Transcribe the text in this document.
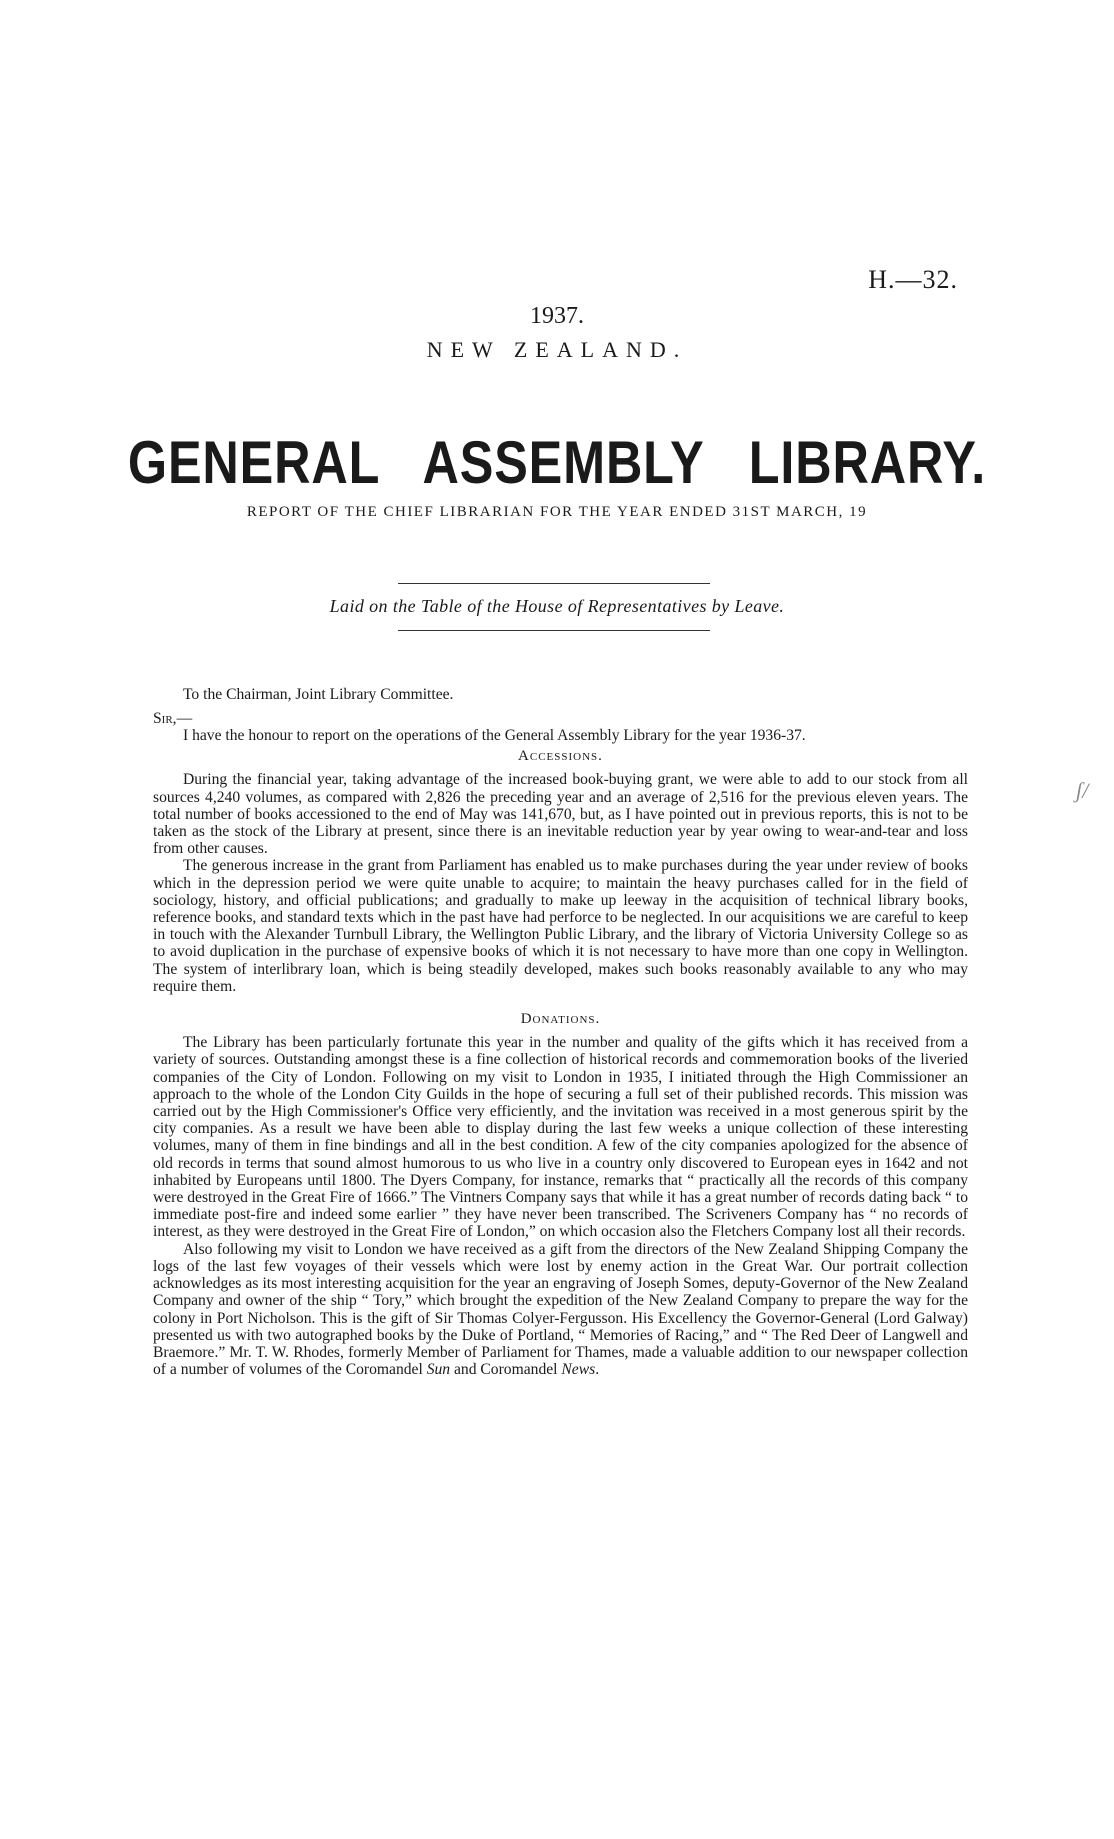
H.—32.
1937.
NEW ZEALAND.
GENERAL ASSEMBLY LIBRARY.
REPORT OF THE CHIEF LIBRARIAN FOR THE YEAR ENDED 31ST MARCH, 19
Laid on the Table of the House of Representatives by Leave.
To the Chairman, Joint Library Committee.
Sir,—
ʃ/

I have the honour to report on the operations of the General Assembly Library for the year 1936-37.

Accessions.

During the financial year, taking advantage of the increased book-buying grant, we were able to add to our stock from all sources 4,240 volumes, as compared with 2,826 the preceding year and an average of 2,516 for the previous eleven years. The total number of books accessioned to the end of May was 141,670, but, as I have pointed out in previous reports, this is not to be taken as the stock of the Library at present, since there is an inevitable reduction year by year owing to wear-and-tear and loss from other causes.

The generous increase in the grant from Parliament has enabled us to make purchases during the year under review of books which in the depression period we were quite unable to acquire; to maintain the heavy purchases called for in the field of sociology, history, and official publications; and gradually to make up leeway in the acquisition of technical library books, reference books, and standard texts which in the past have had perforce to be neglected. In our acquisitions we are careful to keep in touch with the Alexander Turnbull Library, the Wellington Public Library, and the library of Victoria University College so as to avoid duplication in the purchase of expensive books of which it is not necessary to have more than one copy in Wellington. The system of interlibrary loan, which is being steadily developed, makes such books reasonably available to any who may require them.

Donations.

The Library has been particularly fortunate this year in the number and quality of the gifts which it has received from a variety of sources. Outstanding amongst these is a fine collection of historical records and commemoration books of the liveried companies of the City of London. Following on my visit to London in 1935, I initiated through the High Commissioner an approach to the whole of the London City Guilds in the hope of securing a full set of their published records. This mission was carried out by the High Commissioner's Office very efficiently, and the invitation was received in a most generous spirit by the city companies. As a result we have been able to display during the last few weeks a unique collection of these interesting volumes, many of them in fine bindings and all in the best condition. A few of the city companies apologized for the absence of old records in terms that sound almost humorous to us who live in a country only discovered to European eyes in 1642 and not inhabited by Europeans until 1800. The Dyers Company, for instance, remarks that “ practically all the records of this company were destroyed in the Great Fire of 1666.” The Vintners Company says that while it has a great number of records dating back “ to immediate post-fire and indeed some earlier ” they have never been transcribed. The Scriveners Company has “ no records of interest, as they were destroyed in the Great Fire of London,” on which occasion also the Fletchers Company lost all their records.

Also following my visit to London we have received as a gift from the directors of the New Zealand Shipping Company the logs of the last few voyages of their vessels which were lost by enemy action in the Great War. Our portrait collection acknowledges as its most interesting acquisition for the year an engraving of Joseph Somes, deputy-Governor of the New Zealand Company and owner of the ship “ Tory,” which brought the expedition of the New Zealand Company to prepare the way for the colony in Port Nicholson. This is the gift of Sir Thomas Colyer-Fergusson. His Excellency the Governor-General (Lord Galway) presented us with two autographed books by the Duke of Portland, “ Memories of Racing,” and “ The Red Deer of Langwell and Braemore.” Mr. T. W. Rhodes, formerly Member of Parliament for Thames, made a valuable addition to our newspaper collection of a number of volumes of the Coromandel Sun and Coromandel News.
